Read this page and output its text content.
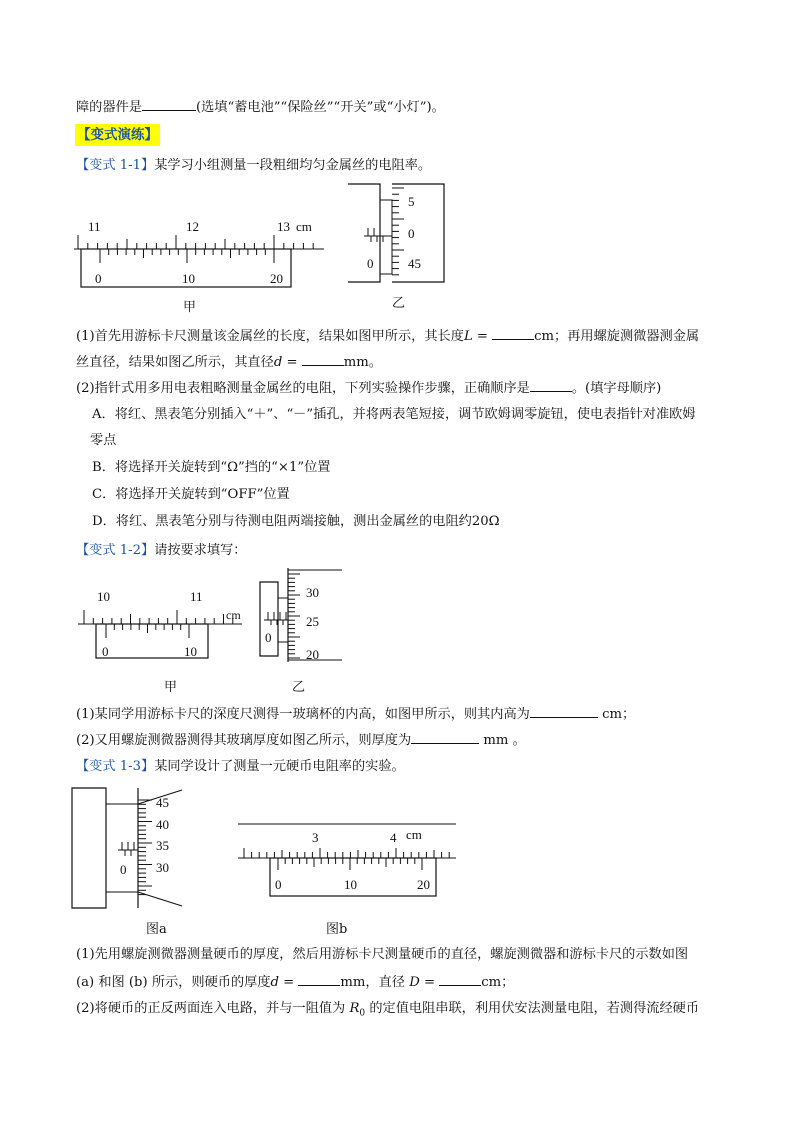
障的器件是	(选填“蓄电池”“保险丝”“开关”或“小灯”)。
【变式演练】
【变式 1-1】某学习小组测量一段粗细均匀金属丝的电阻率。
11	12	13 cm
0	10	20
甲
0
5
0
45
乙
(1)首先用游标卡尺测量该金属丝的长度，结果如图甲所示，其长度L =	cm；再用螺旋测微器测金属
丝直径，结果如图乙所示，其直径d =	mm。
(2)指针式用多用电表粗略测量金属丝的电阻，下列实验操作步骤，正确顺序是	。(填字母顺序)
A．将红、黑表笔分别插入“＋”、“－”插孔，并将两表笔短接，调节欧姆调零旋钮，使电表指针对准欧姆
零点
B．将选择开关旋转到“Ω”挡的“×1”位置
C．将选择开关旋转到“OFF”位置
D．将红、黑表笔分别与待测电阻两端接触，测出金属丝的电阻约20Ω
【变式 1-2】请按要求填写：
10	11
cm
0	10
甲
0
30
25
20
乙
(1)某同学用游标卡尺的深度尺测得一玻璃杯的内高，如图甲所示，则其内高为	cm；
(2)又用螺旋测微器测得其玻璃厚度如图乙所示，则厚度为	mm 。
【变式 1-3】某同学设计了测量一元硬币电阻率的实验。
0
45
40
35
30
图a
3	4 cm
0	10	20
图b
(1)先用螺旋测微器测量硬币的厚度，然后用游标卡尺测量硬币的直径，螺旋测微器和游标卡尺的示数如图
(a) 和图 (b) 所示，则硬币的厚度d =	mm，直径 D =	cm；
(2)将硬币的正反两面连入电路，并与一阻值为 $R_0$ 的定值电阻串联，利用伏安法测量电阻，若测得流经硬币
